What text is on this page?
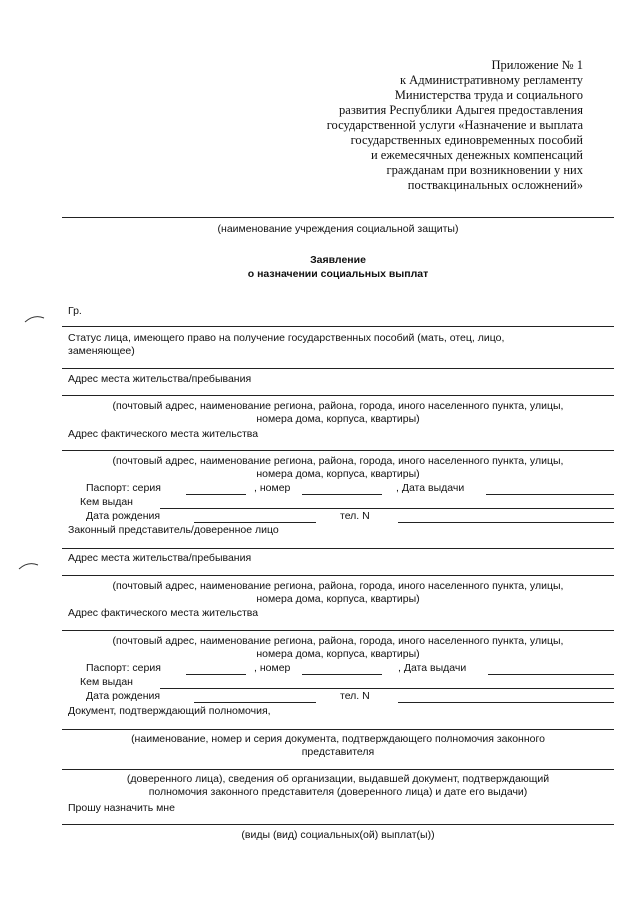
Приложение № 1
к Административному регламенту
Министерства труда и социального
развития Республики Адыгея предоставления
государственной услуги «Назначение и выплата
государственных единовременных пособий
и ежемесячных денежных компенсаций
гражданам при возникновении у них
поствакцинальных осложнений»
(наименование учреждения социальной защиты)
Заявление
о назначении социальных выплат
Гр.
Статус лица, имеющего право на получение государственных пособий (мать, отец, лицо,
заменяющее)
Адрес места жительства/пребывания
(почтовый адрес, наименование региона, района, города, иного населенного пункта, улицы,
номера дома, корпуса, квартиры)
Адрес фактического места жительства
(почтовый адрес, наименование региона, района, города, иного населенного пункта, улицы,
номера дома, корпуса, квартиры)
Паспорт: серия	, номер	, Дата выдачи
Кем выдан
Дата рождения	тел. N
Законный представитель/доверенное лицо
Адрес места жительства/пребывания
(почтовый адрес, наименование региона, района, города, иного населенного пункта, улицы,
номера дома, корпуса, квартиры)
Адрес фактического места жительства
(почтовый адрес, наименование региона, района, города, иного населенного пункта, улицы,
номера дома, корпуса, квартиры)
Паспорт: серия	, номер	, Дата выдачи
Кем выдан
Дата рождения	тел. N
Документ, подтверждающий полномочия,
(наименование, номер и серия документа, подтверждающего полномочия законного
представителя
(доверенного лица), сведения об организации, выдавшей документ, подтверждающий
полномочия законного представителя (доверенного лица) и дате его выдачи)
Прошу назначить мне
(виды (вид) социальных(ой) выплат(ы))
